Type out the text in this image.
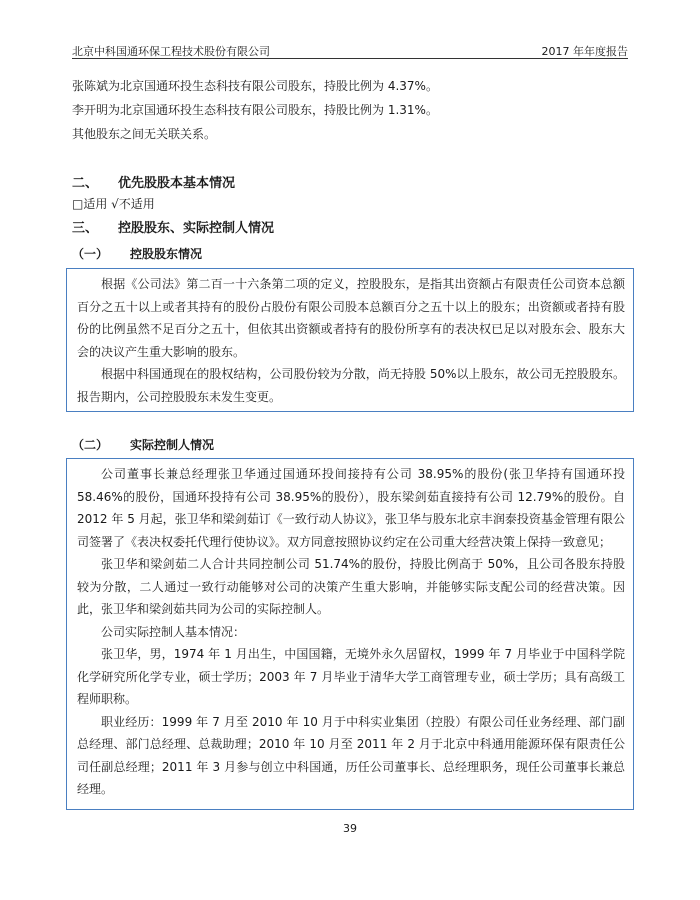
北京中科国通环保工程技术股份有限公司	2017 年年度报告
张陈斌为北京国通环投生态科技有限公司股东，持股比例为 4.37%。
李开明为北京国通环投生态科技有限公司股东，持股比例为 1.31%。
其他股东之间无关联关系。
二、 优先股股本基本情况
□适用 √不适用
三、 控股股东、实际控制人情况
（一） 控股股东情况

根据《公司法》第二百一十六条第二项的定义，控股股东，是指其出资额占有限责任公司资本总额百分之五十以上或者其持有的股份占股份有限公司股本总额百分之五十以上的股东；出资额或者持有股份的比例虽然不足百分之五十，但依其出资额或者持有的股份所享有的表决权已足以对股东会、股东大会的决议产生重大影响的股东。

根据中科国通现在的股权结构，公司股份较为分散，尚无持股 50%以上股东，故公司无控股股东。报告期内，公司控股股东未发生变更。

（二） 实际控制人情况

公司董事长兼总经理张卫华通过国通环投间接持有公司 38.95%的股份(张卫华持有国通环投 58.46%的股份，国通环投持有公司 38.95%的股份），股东梁剑茹直接持有公司 12.79%的股份。自 2012 年 5 月起，张卫华和梁剑茹订《一致行动人协议》，张卫华与股东北京丰润泰投资基金管理有限公司签署了《表决权委托代理行使协议》。双方同意按照协议约定在公司重大经营决策上保持一致意见；

张卫华和梁剑茹二人合计共同控制公司 51.74%的股份，持股比例高于 50%，且公司各股东持股较为分散，二人通过一致行动能够对公司的决策产生重大影响，并能够实际支配公司的经营决策。因此，张卫华和梁剑茹共同为公司的实际控制人。

公司实际控制人基本情况：

张卫华，男，1974 年 1 月出生，中国国籍，无境外永久居留权，1999 年 7 月毕业于中国科学院化学研究所化学专业，硕士学历；2003 年 7 月毕业于清华大学工商管理专业，硕士学历；具有高级工程师职称。

职业经历：1999 年 7 月至 2010 年 10 月于中科实业集团（控股）有限公司任业务经理、部门副总经理、部门总经理、总裁助理；2010 年 10 月至 2011 年 2 月于北京中科通用能源环保有限责任公司任副总经理；2011 年 3 月参与创立中科国通，历任公司董事长、总经理职务，现任公司董事长兼总经理。

39
